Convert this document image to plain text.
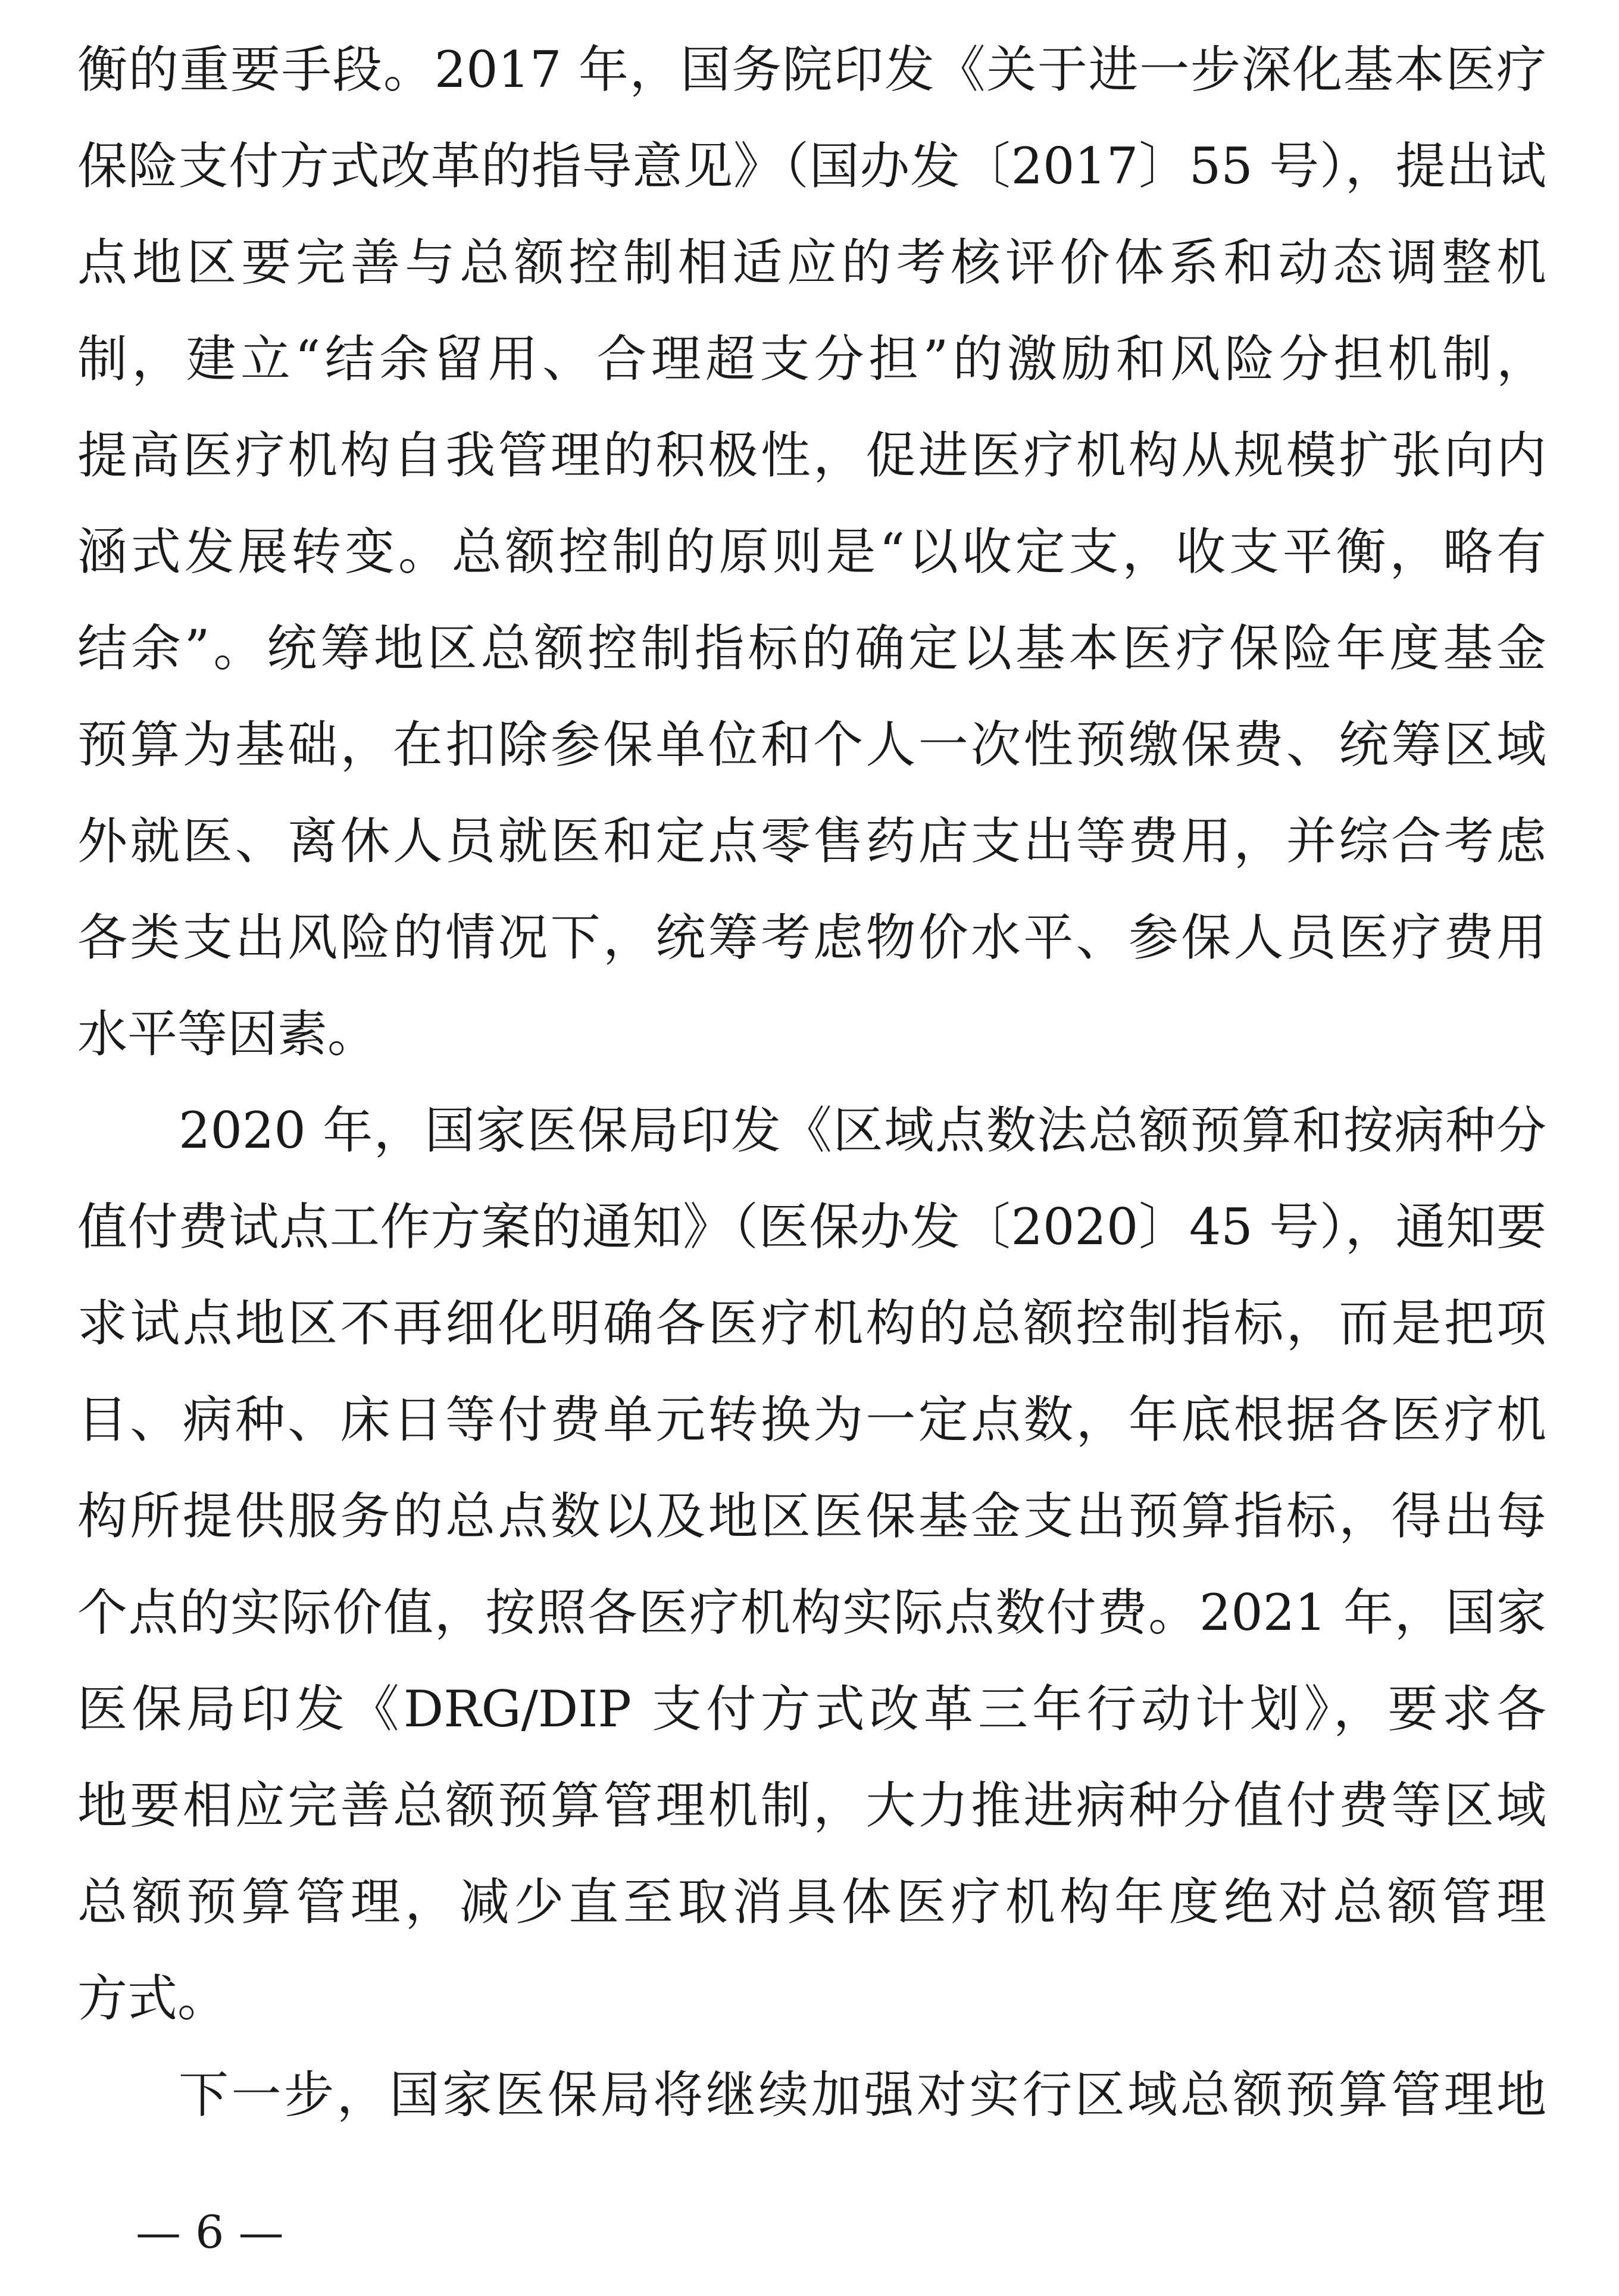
衡的重要手段。2017 年，国务院印发《关于进一步深化基本医疗
保险支付方式改革的指导意见》（国办发〔2017〕55 号），提出试
点地区要完善与总额控制相适应的考核评价体系和动态调整机
制，建立“结余留用、合理超支分担”的激励和风险分担机制，
提高医疗机构自我管理的积极性，促进医疗机构从规模扩张向内
涵式发展转变。总额控制的原则是“以收定支，收支平衡，略有
结余”。统筹地区总额控制指标的确定以基本医疗保险年度基金
预算为基础，在扣除参保单位和个人一次性预缴保费、统筹区域
外就医、离休人员就医和定点零售药店支出等费用，并综合考虑
各类支出风险的情况下，统筹考虑物价水平、参保人员医疗费用
水平等因素。
2020 年，国家医保局印发《区域点数法总额预算和按病种分
值付费试点工作方案的通知》（医保办发〔2020〕45 号），通知要
求试点地区不再细化明确各医疗机构的总额控制指标，而是把项
目、病种、床日等付费单元转换为一定点数，年底根据各医疗机
构所提供服务的总点数以及地区医保基金支出预算指标，得出每
个点的实际价值，按照各医疗机构实际点数付费。2021 年，国家
医保局印发《DRG/DIP 支付方式改革三年行动计划》，要求各
地要相应完善总额预算管理机制，大力推进病种分值付费等区域
总额预算管理，减少直至取消具体医疗机构年度绝对总额管理
方式。
下一步，国家医保局将继续加强对实行区域总额预算管理地
— 6 —
